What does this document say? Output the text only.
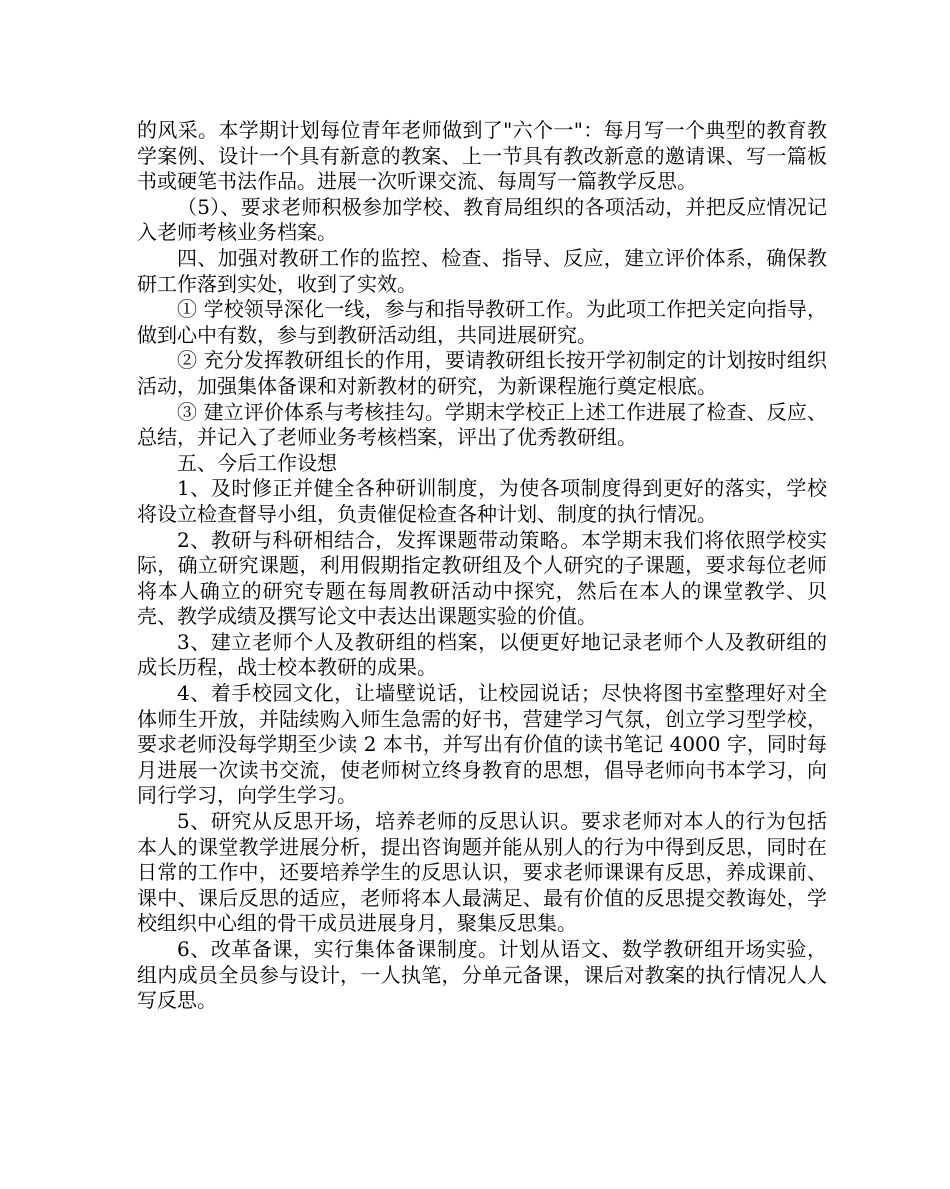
的风采。本学期计划每位青年老师做到了"六个一"：每月写一个典型的教育教学案例、设计一个具有新意的教案、上一节具有教改新意的邀请课、写一篇板书或硬笔书法作品。进展一次听课交流、每周写一篇教学反思。

（5）、要求老师积极参加学校、教育局组织的各项活动，并把反应情况记入老师考核业务档案。

四、加强对教研工作的监控、检查、指导、反应，建立评价体系，确保教研工作落到实处，收到了实效。

① 学校领导深化一线，参与和指导教研工作。为此项工作把关定向指导，做到心中有数，参与到教研活动组，共同进展研究。

② 充分发挥教研组长的作用，要请教研组长按开学初制定的计划按时组织活动，加强集体备课和对新教材的研究，为新课程施行奠定根底。

③ 建立评价体系与考核挂勾。学期末学校正上述工作进展了检查、反应、总结，并记入了老师业务考核档案，评出了优秀教研组。

五、今后工作设想

1、及时修正并健全各种研训制度，为使各项制度得到更好的落实，学校将设立检查督导小组，负责催促检查各种计划、制度的执行情况。

2、教研与科研相结合，发挥课题带动策略。本学期末我们将依照学校实际，确立研究课题，利用假期指定教研组及个人研究的子课题，要求每位老师将本人确立的研究专题在每周教研活动中探究，然后在本人的课堂教学、贝壳、教学成绩及撰写论文中表达出课题实验的价值。

3、建立老师个人及教研组的档案，以便更好地记录老师个人及教研组的成长历程，战士校本教研的成果。

4、着手校园文化，让墙壁说话，让校园说话；尽快将图书室整理好对全体师生开放，并陆续购入师生急需的好书，营建学习气氛，创立学习型学校，要求老师没每学期至少读 2 本书，并写出有价值的读书笔记 4000 字，同时每月进展一次读书交流，使老师树立终身教育的思想，倡导老师向书本学习，向同行学习，向学生学习。

5、研究从反思开场，培养老师的反思认识。要求老师对本人的行为包括本人的课堂教学进展分析，提出咨询题并能从别人的行为中得到反思，同时在日常的工作中，还要培养学生的反思认识，要求老师课课有反思，养成课前、课中、课后反思的适应，老师将本人最满足、最有价值的反思提交教诲处，学校组织中心组的骨干成员进展身月，聚集反思集。

6、改革备课，实行集体备课制度。计划从语文、数学教研组开场实验，组内成员全员参与设计，一人执笔，分单元备课，课后对教案的执行情况人人写反思。
